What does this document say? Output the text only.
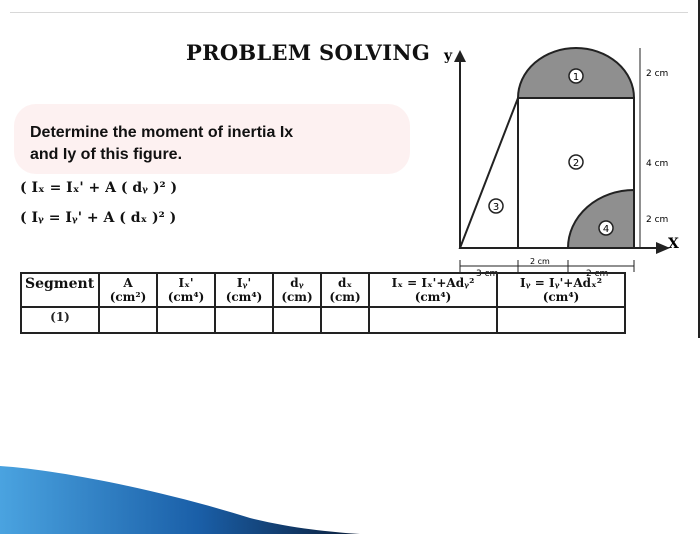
PROBLEM SOLVING
Determine the moment of inertia Ix
and Iy of this figure.
( Iₓ = Iₓ' + A ( dᵧ )² )
( Iᵧ = Iᵧ' + A ( dₓ )² )
y
X
1
2
3
4
2 cm
4 cm
2 cm
3 cm
2 cm
2 cm
Segment	A (cm²)	Iₓ' (cm⁴)	Iᵧ' (cm⁴)	dᵧ (cm)	dₓ (cm)	Iₓ = Iₓ'+Adᵧ² (cm⁴)	Iᵧ = Iᵧ'+Adₓ² (cm⁴)
(1)							
